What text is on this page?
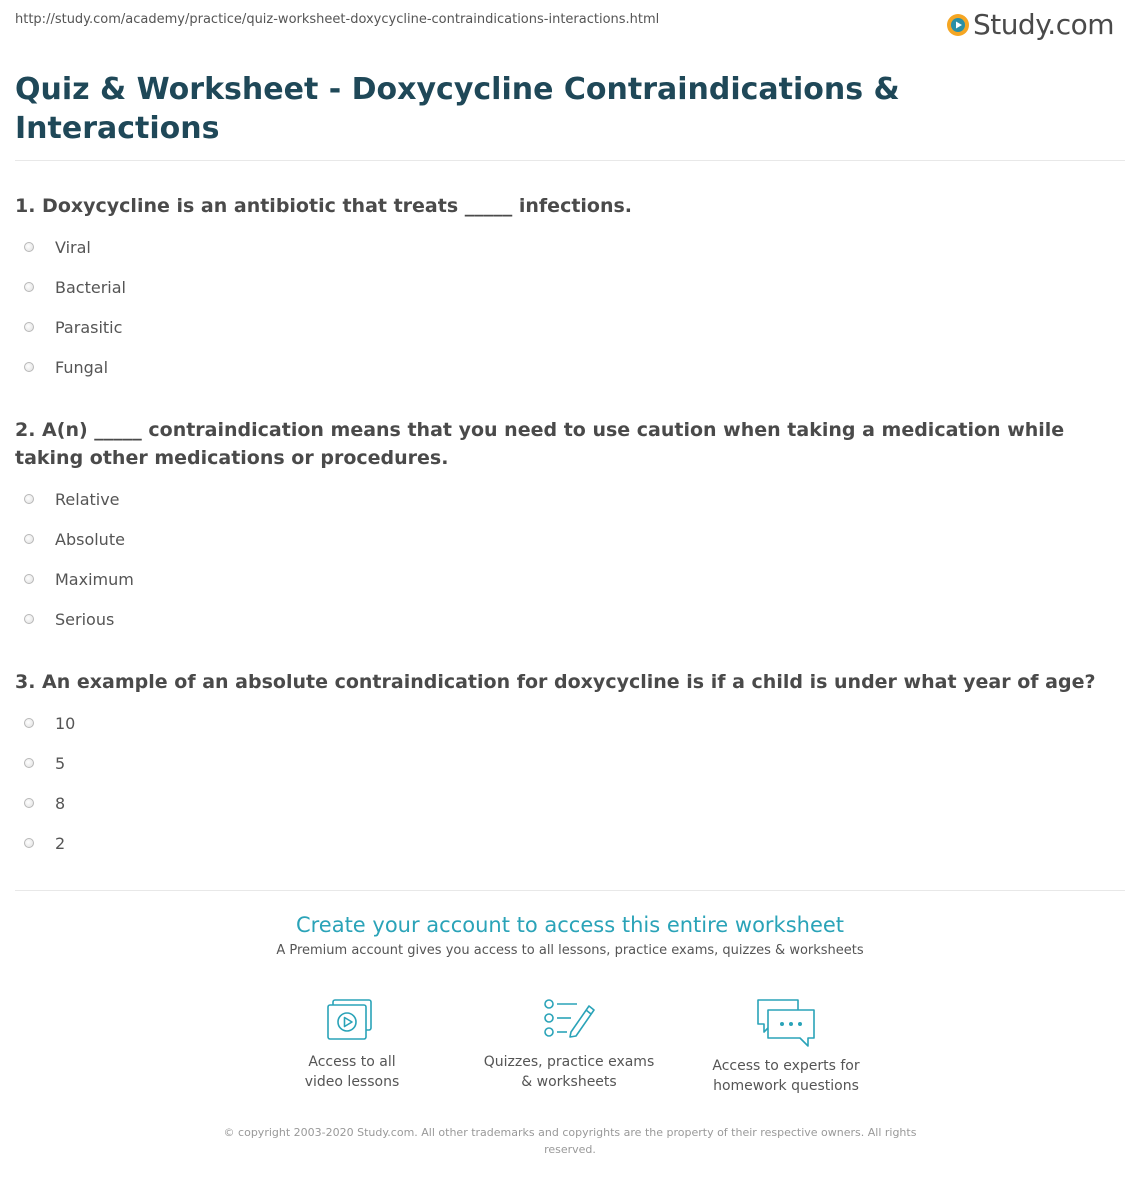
http://study.com/academy/practice/quiz-worksheet-doxycycline-contraindications-interactions.html	Study.com
Quiz & Worksheet - Doxycycline Contraindications & Interactions

1. Doxycycline is an antibiotic that treats _____ infections.

Viral
Bacterial
Parasitic
Fungal

2. A(n) _____ contraindication means that you need to use caution when taking a medication while taking other medications or procedures.

Relative
Absolute
Maximum
Serious

3. An example of an absolute contraindication for doxycycline is if a child is under what year of age?

10
5
8
2
Create your account to access this entire worksheet
A Premium account gives you access to all lessons, practice exams, quizzes & worksheets
Access to all
video lessons
Quizzes, practice exams
& worksheets
Access to experts for
homework questions
© copyright 2003-2020 Study.com. All other trademarks and copyrights are the property of their respective owners. All rights reserved.
